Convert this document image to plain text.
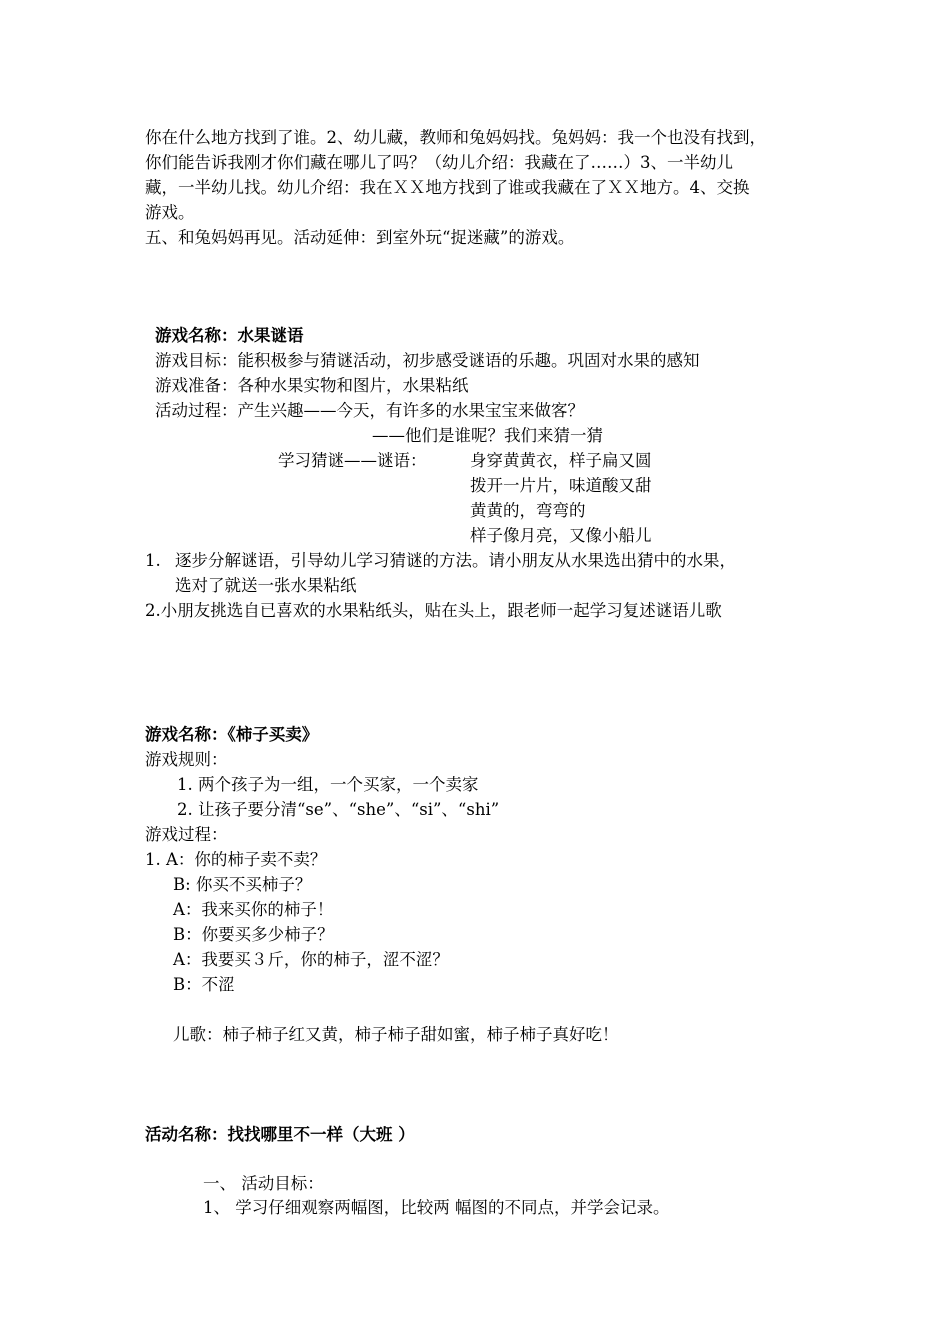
你在什么地方找到了谁。2、幼儿藏，教师和兔妈妈找。兔妈妈：我一个也没有找到，
你们能告诉我刚才你们藏在哪儿了吗？（幼儿介绍：我藏在了……）3、一半幼儿
藏，一半幼儿找。幼儿介绍：我在ＸＸ地方找到了谁或我藏在了ＸＸ地方。4、交换
游戏。
五、和兔妈妈再见。活动延伸：到室外玩“捉迷藏”的游戏。
游戏名称：水果谜语
游戏目标：能积极参与猜谜活动，初步感受谜语的乐趣。巩固对水果的感知
游戏准备：各种水果实物和图片，水果粘纸
活动过程：产生兴趣——今天，有许多的水果宝宝来做客？
——他们是谁呢？我们来猜一猜
学习猜谜——谜语：	身穿黄黄衣，样子扁又圆
拨开一片片，味道酸又甜
黄黄的，弯弯的
样子像月亮，又像小船儿
1. 逐步分解谜语，引导幼儿学习猜谜的方法。请小朋友从水果选出猜中的水果，
选对了就送一张水果粘纸
2.小朋友挑选自已喜欢的水果粘纸头，贴在头上，跟老师一起学习复述谜语儿歌
游戏名称：《柿子买卖》
游戏规则：
1. 两个孩子为一组，一个买家，一个卖家
2. 让孩子要分清“se”、“she”、“si”、“shi”
游戏过程：
1. A：你的柿子卖不卖？
B: 你买不买柿子？
A：我来买你的柿子！
B：你要买多少柿子？
A：我要买３斤，你的柿子，涩不涩？
B：不涩
儿歌：柿子柿子红又黄，柿子柿子甜如蜜，柿子柿子真好吃！
活动名称：找找哪里不一样（大班 ）
一、 活动目标：
1、 学习仔细观察两幅图，比较两 幅图的不同点，并学会记录。
